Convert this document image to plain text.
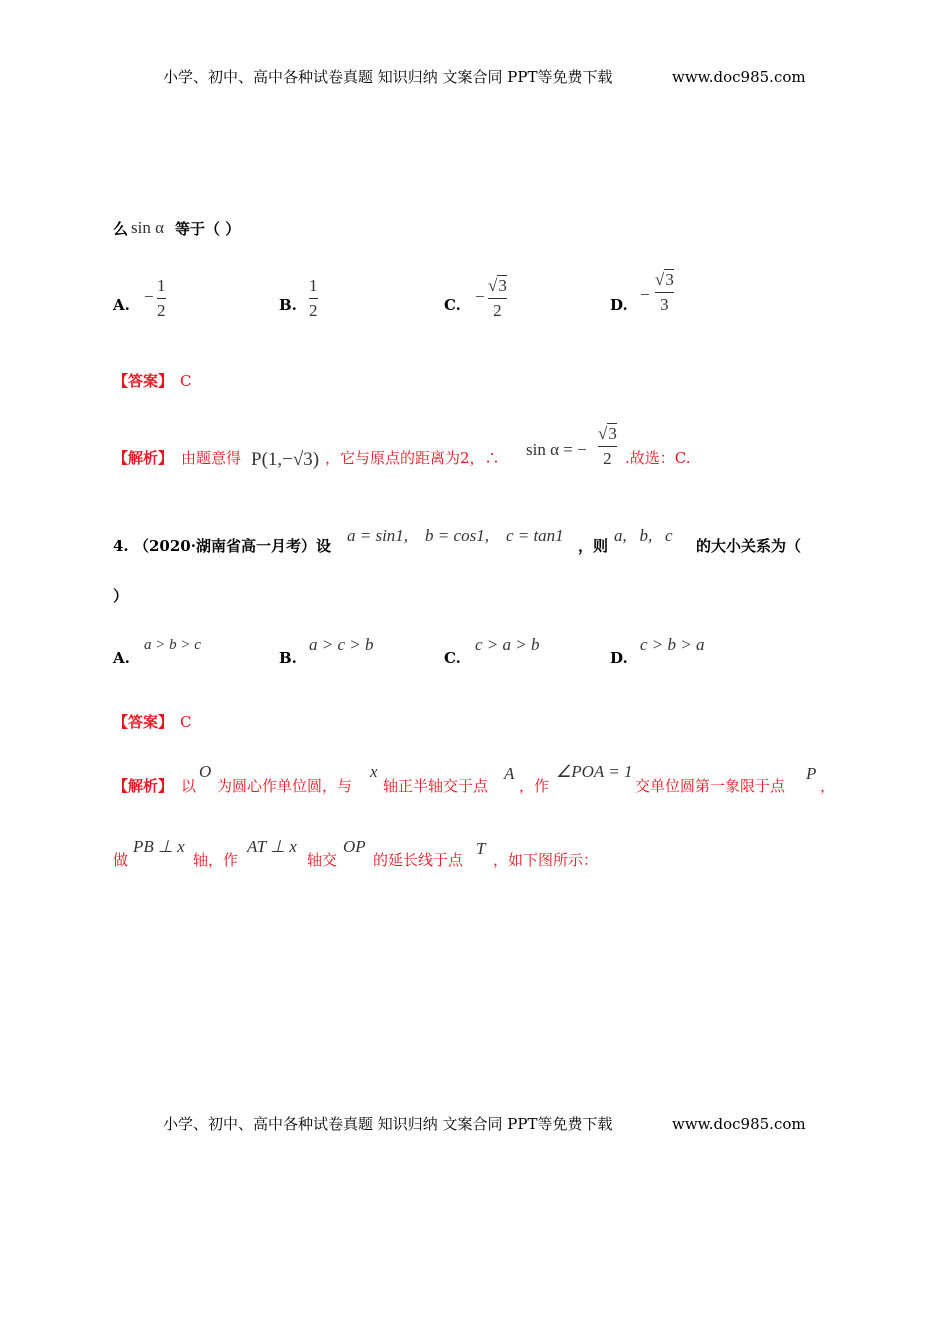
小学、初中、高中各种试卷真题 知识归纳 文案合同 PPT等免费下载	www.doc985.com
么 sin α 等于（ ）
A. −
1
2	B.
1
2	C. −
√3
2	D.
−
√3
3
【答案】 C
【解析】 由题意得 P(1,−√3) ，它与原点的距离为2，∴ sin α = −
√3
2 .故选：C.
4. （2020·湖南省高一月考）设
a = sin1,    b = cos1,    c = tan1
，则
a,   b,   c
的大小关系为（
）
A.
a > b > c
B.
a > c > b
C.
c > a > b
D.
c > b > a
【答案】 C
【解析】 以
O
为圆心作单位圆，与
x
轴正半轴交于点
A
，作
∠POA = 1
交单位圆第一象限于点
P
，
做
PB ⊥ x
轴，作
AT ⊥ x
轴交
OP
的延长线于点
T
，如下图所示：
小学、初中、高中各种试卷真题 知识归纳 文案合同 PPT等免费下载	www.doc985.com
